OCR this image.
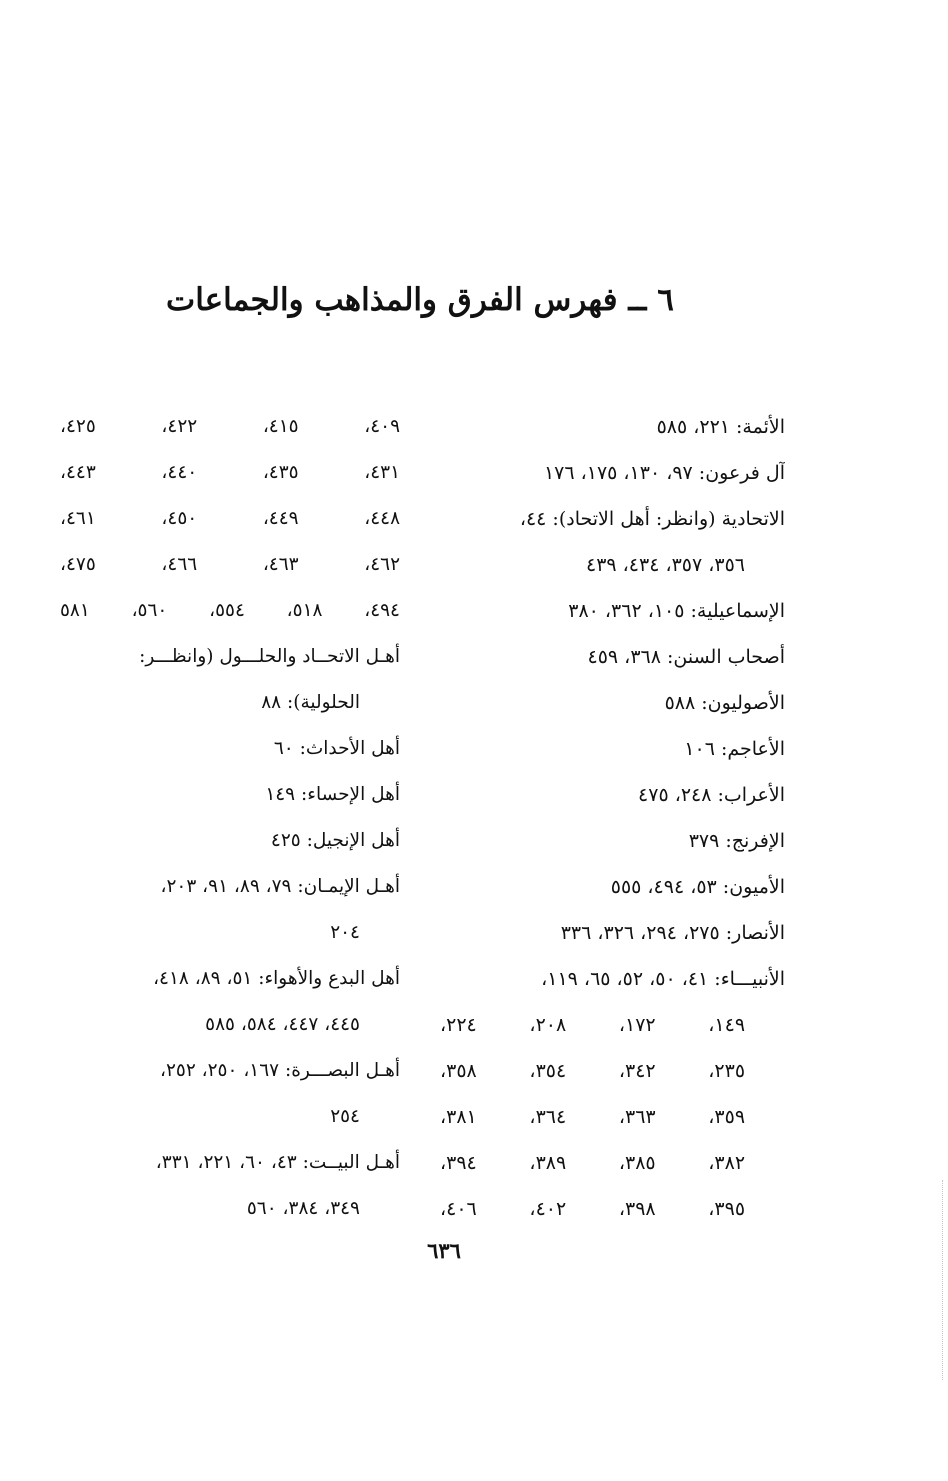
٦ ــ فهرس الفرق والمذاهب والجماعات
الأئمة: ٢٢١، ٥٨٥
آل فرعون: ٩٧، ١٣٠، ١٧٥، ١٧٦
الاتحادية (وانظر: أهل الاتحاد): ٤٤،
٣٥٦، ٣٥٧، ٤٣٤، ٤٣٩
الإسماعيلية: ١٠٥، ٣٦٢، ٣٨٠
أصحاب السنن: ٣٦٨، ٤٥٩
الأصوليون: ٥٨٨
الأعاجم: ١٠٦
الأعراب: ٢٤٨، ٤٧٥
الإفرنج: ٣٧٩
الأميون: ٥٣، ٤٩٤، ٥٥٥
الأنصار: ٢٧٥، ٢٩٤، ٣٢٦، ٣٣٦
الأنبيـــاء: ٤١، ٥٠، ٥٢، ٦٥، ١١٩،
١٤٩، ١٧٢، ٢٠٨، ٢٢٤،
٢٣٥، ٣٤٢، ٣٥٤، ٣٥٨،
٣٥٩، ٣٦٣، ٣٦٤، ٣٨١،
٣٨٢، ٣٨٥، ٣٨٩، ٣٩٤،
٣٩٥، ٣٩٨، ٤٠٢، ٤٠٦،
٤٠٩، ٤١٥، ٤٢٢، ٤٢٥،
٤٣١، ٤٣٥، ٤٤٠، ٤٤٣،
٤٤٨، ٤٤٩، ٤٥٠، ٤٦١،
٤٦٢، ٤٦٣، ٤٦٦، ٤٧٥،
٤٩٤، ٥١٨، ٥٥٤، ٥٦٠، ٥٨١
أهـل الاتحــاد والحلـــول (وانظـــر:
الحلولية): ٨٨
أهل الأحداث: ٦٠
أهل الإحساء: ١٤٩
أهل الإنجيل: ٤٢٥
أهـل الإيمـان: ٧٩، ٨٩، ٩١، ٢٠٣،
٢٠٤
أهل البدع والأهواء: ٥١، ٨٩، ٤١٨،
٤٤٥، ٤٤٧، ٥٨٤، ٥٨٥
أهـل البصـــرة: ١٦٧، ٢٥٠، ٢٥٢،
٢٥٤
أهـل البيــت: ٤٣، ٦٠، ٢٢١، ٣٣١،
٣٤٩، ٣٨٤، ٥٦٠
٦٣٦
